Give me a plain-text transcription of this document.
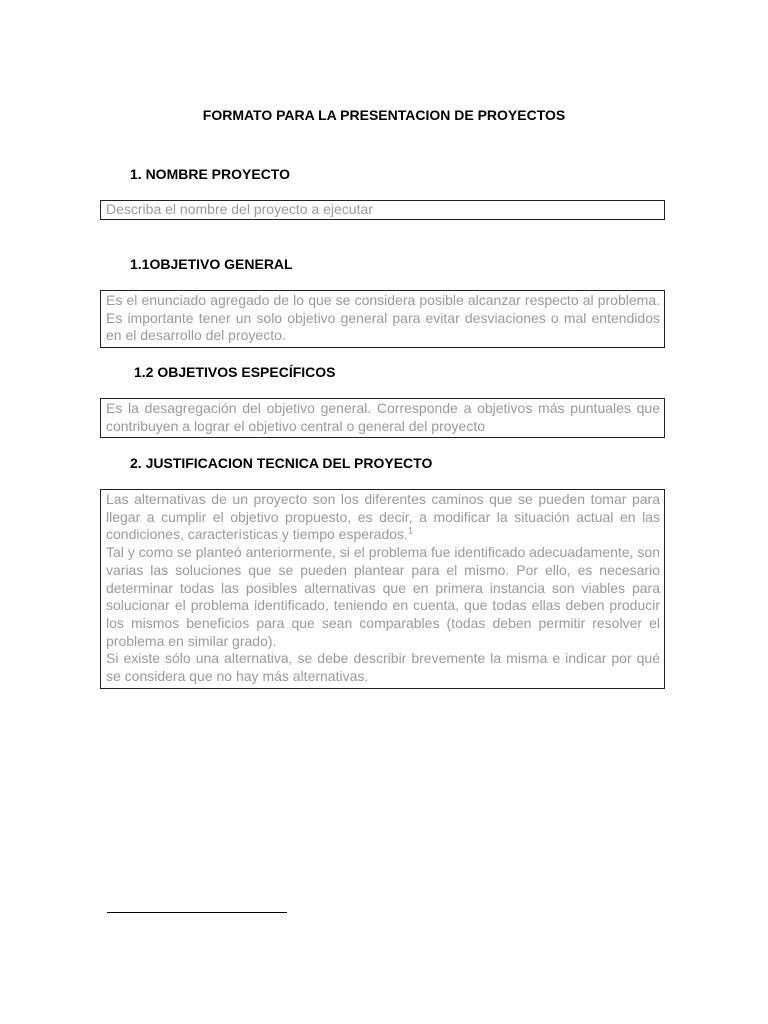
FORMATO PARA LA PRESENTACION DE PROYECTOS
1. NOMBRE PROYECTO

Describa el nombre del proyecto a ejecutar

1.1OBJETIVO GENERAL

Es el enunciado agregado de lo que se considera posible alcanzar respecto al problema. Es importante tener un solo objetivo general para evitar desviaciones o mal entendidos en el desarrollo del proyecto.

1.2 OBJETIVOS ESPECÍFICOS

Es la desagregación del objetivo general. Corresponde a objetivos más puntuales que contribuyen a lograr el objetivo central o general del proyecto

2. JUSTIFICACION TECNICA DEL PROYECTO

Las alternativas de un proyecto son los diferentes caminos que se pueden tomar para llegar a cumplir el objetivo propuesto, es decir, a modificar la situación actual en las condiciones, características y tiempo esperados.$^1$

Tal y como se planteó anteriormente, si el problema fue identificado adecuadamente, son varias las soluciones que se pueden plantear para el mismo. Por ello, es necesario determinar todas las posibles alternativas que en primera instancia son viables para solucionar el problema identificado, teniendo en cuenta, que todas ellas deben producir los mismos beneficios para que sean comparables (todas deben permitir resolver el problema en similar grado).

Si existe sólo una alternativa, se debe describir brevemente la misma e indicar por qué se considera que no hay más alternativas.
